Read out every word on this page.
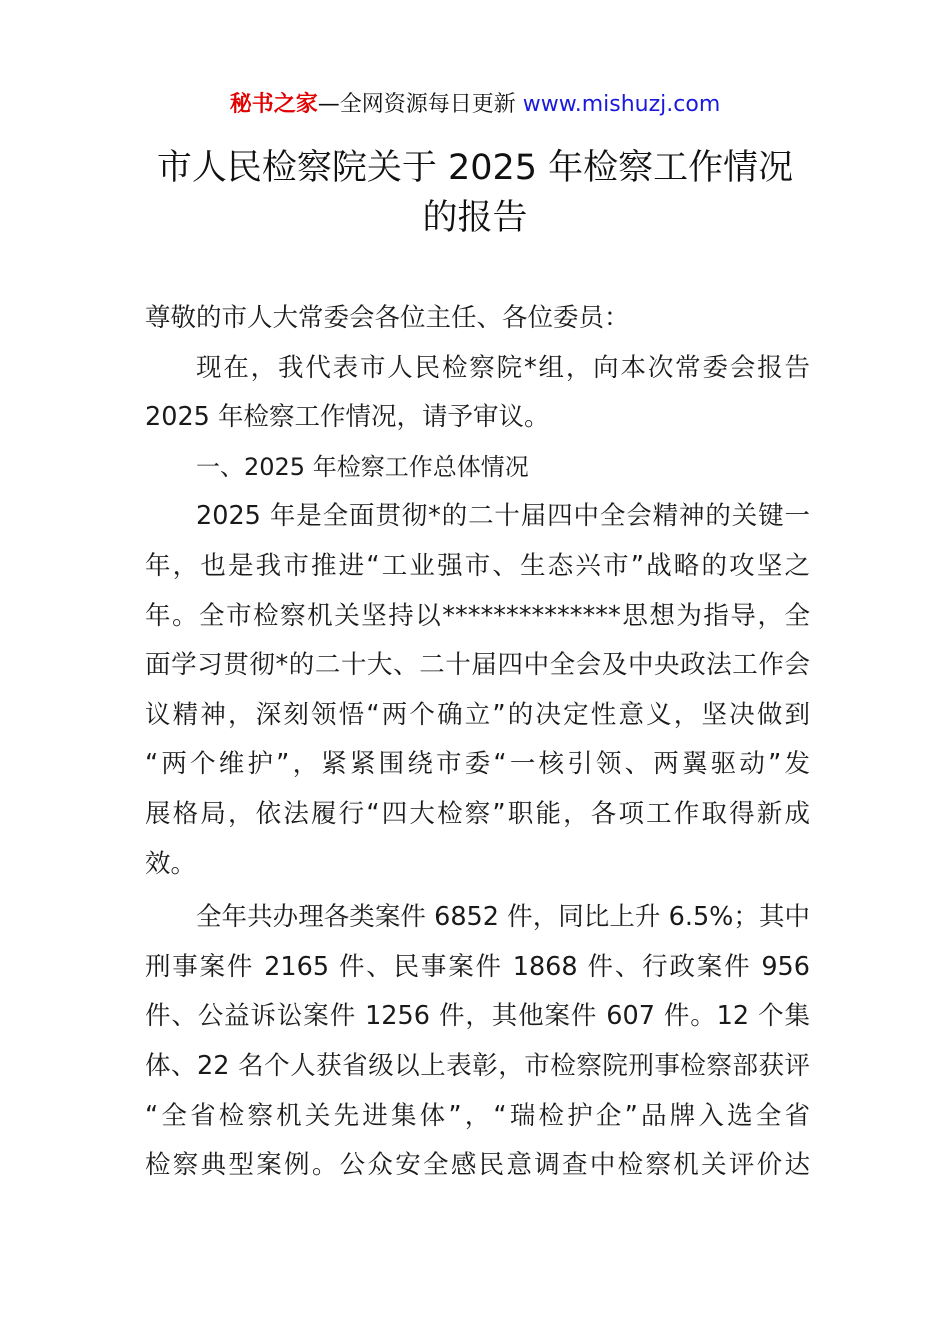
秘书之家—全网资源每日更新 www.mishuzj.com
市人民检察院关于 2025 年检察工作情况
的报告

尊敬的市人大常委会各位主任、各位委员：

现在，我代表市人民检察院*组，向本次常委会报告
2025 年检察工作情况，请予审议。

一、2025 年检察工作总体情况

2025 年是全面贯彻*的二十届四中全会精神的关键一
年，也是我市推进“工业强市、生态兴市”战略的攻坚之
年。全市检察机关坚持以**************思想为指导，全
面学习贯彻*的二十大、二十届四中全会及中央政法工作会
议精神，深刻领悟“两个确立”的决定性意义，坚决做到
“两个维护”，紧紧围绕市委“一核引领、两翼驱动”发
展格局，依法履行“四大检察”职能，各项工作取得新成
效。

全年共办理各类案件 6852 件，同比上升 6.5%；其中
刑事案件 2165 件、民事案件 1868 件、行政案件 956
件、公益诉讼案件 1256 件，其他案件 607 件。12 个集
体、22 名个人获省级以上表彰，市检察院刑事检察部获评
“全省检察机关先进集体”，“瑞检护企”品牌入选全省
检察典型案例。公众安全感民意调查中检察机关评价达
